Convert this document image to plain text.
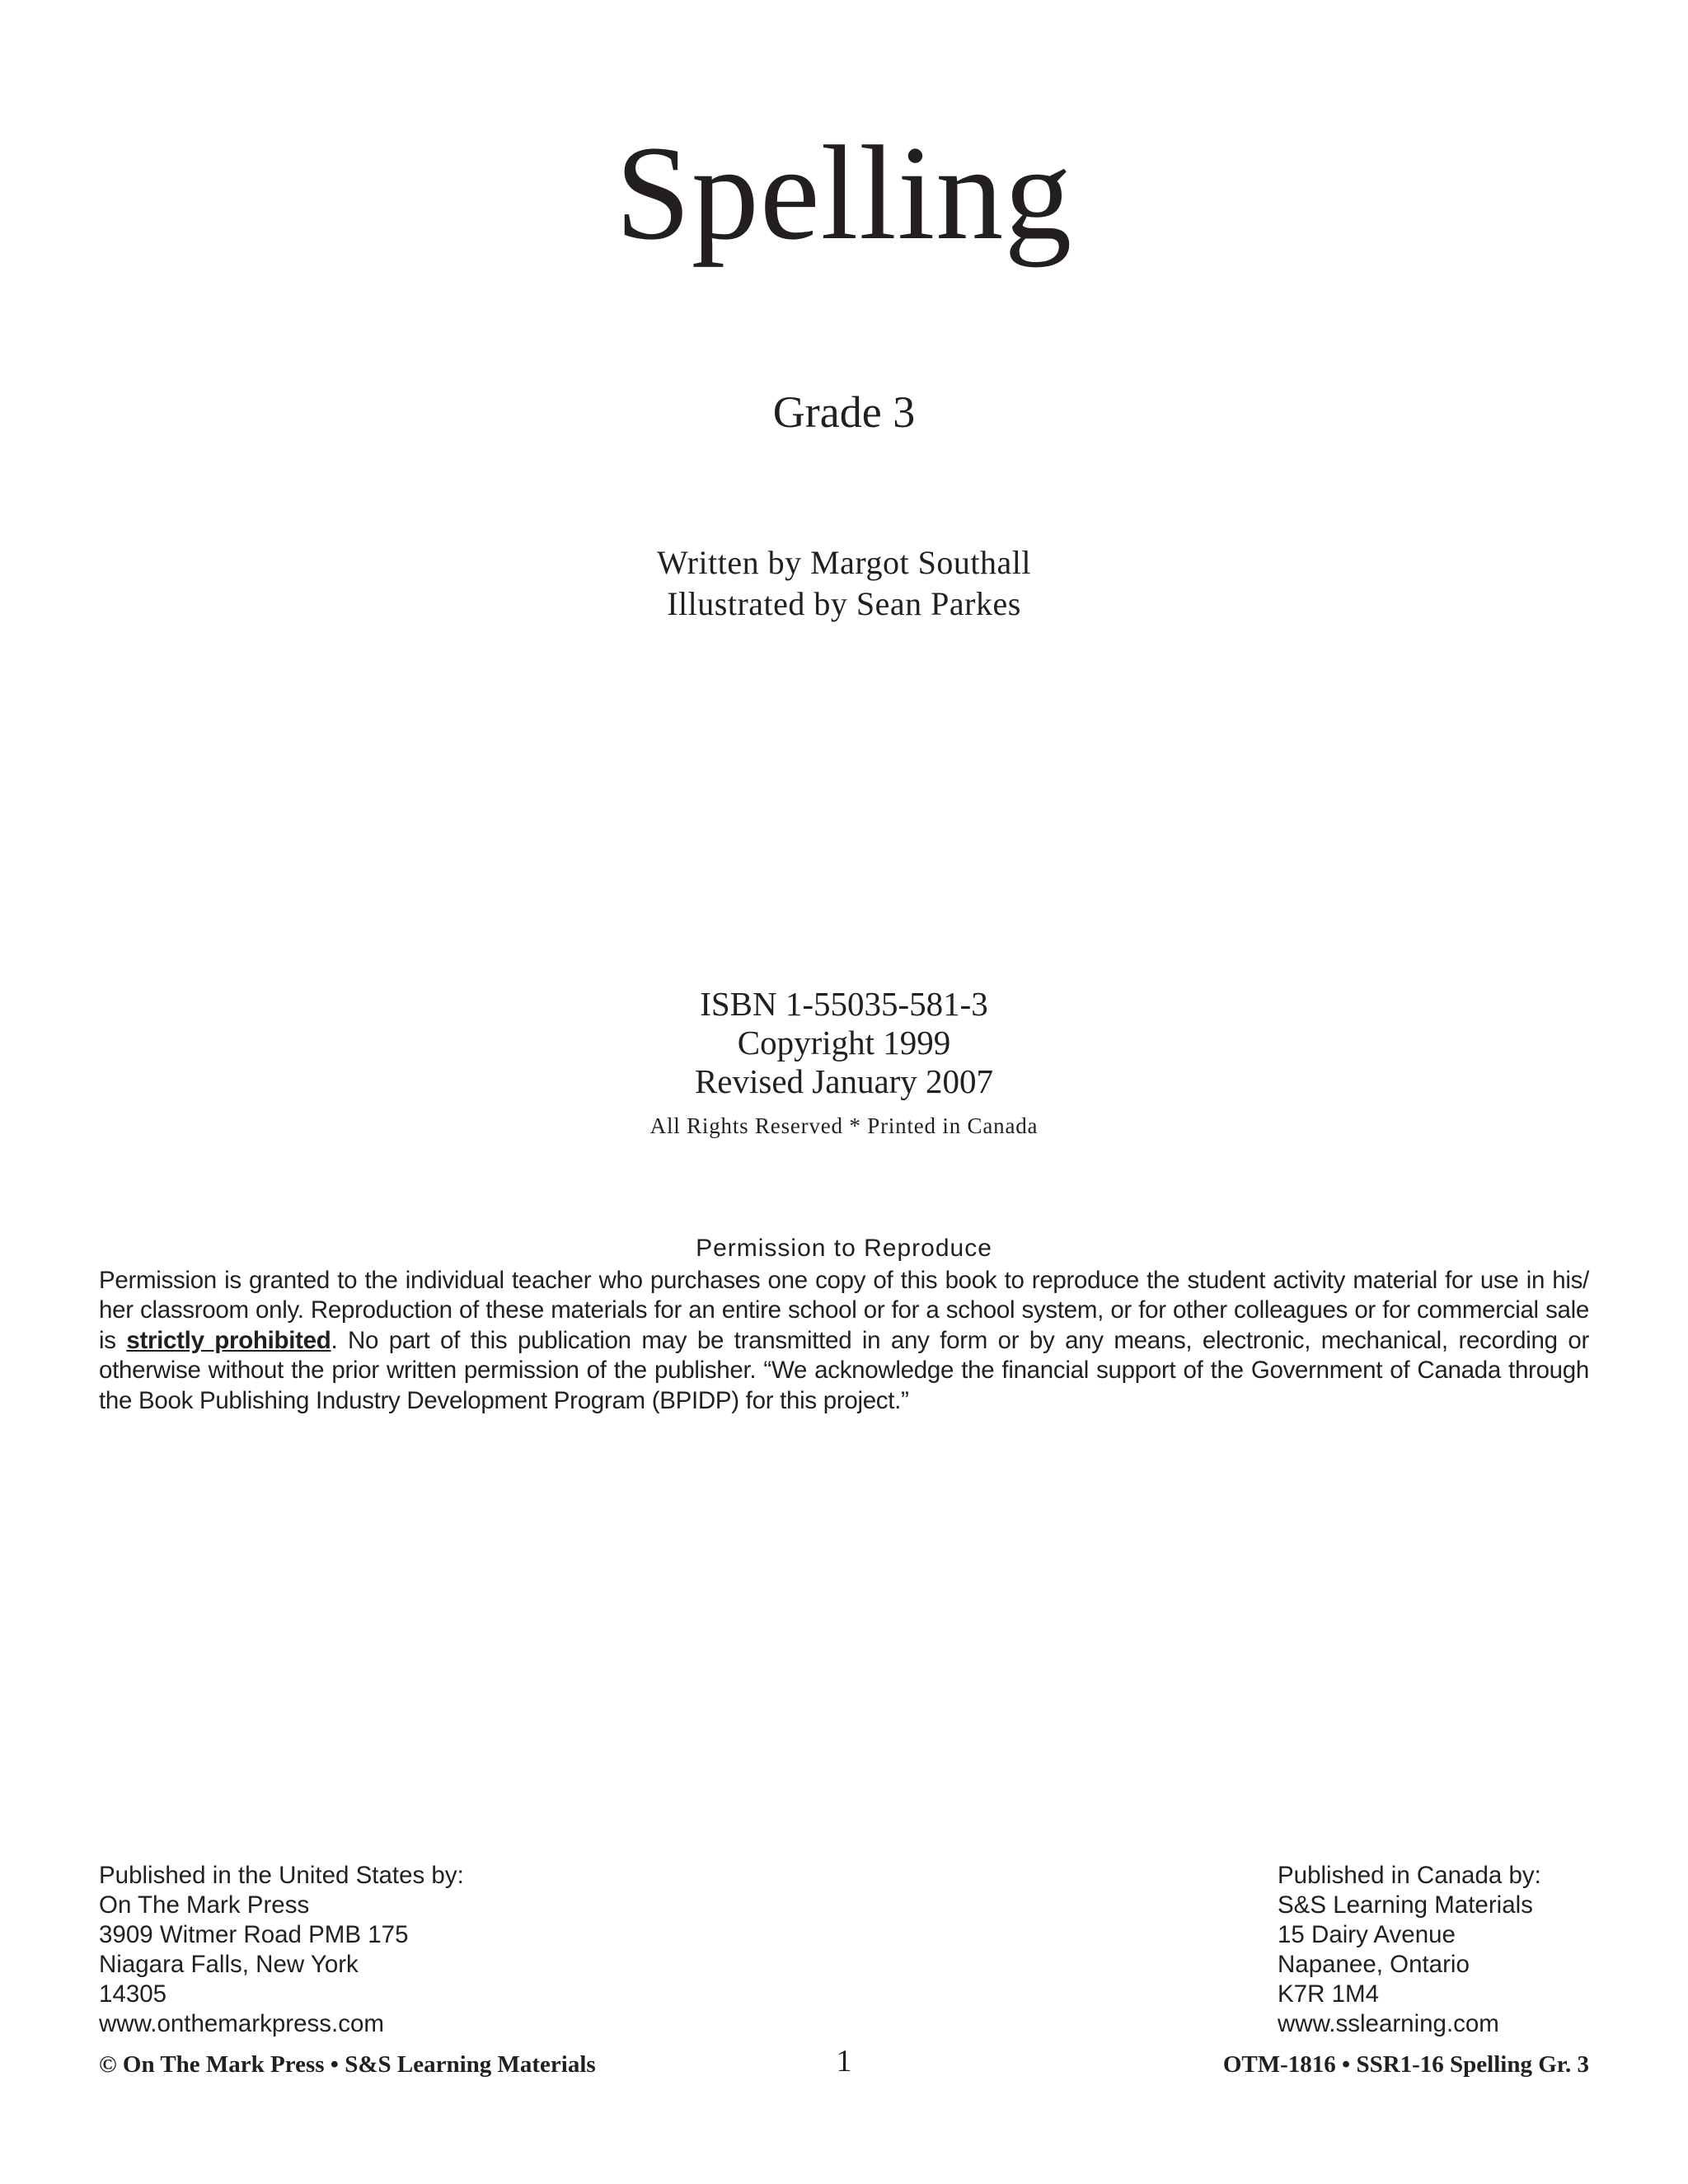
Spelling
Grade 3
Written by Margot Southall
Illustrated by Sean Parkes
ISBN 1-55035-581-3
Copyright 1999
Revised January 2007
All Rights Reserved * Printed in Canada
Permission to Reproduce
Permission is granted to the individual teacher who purchases one copy of this book to reproduce the student activity material for use in his/ her classroom only. Reproduction of these materials for an entire school or for a school system, or for other colleagues or for commercial sale is strictly prohibited. No part of this publication may be transmitted in any form or by any means, electronic, mechanical, recording or otherwise without the prior written permission of the publisher. “We acknowledge the financial support of the Government of Canada through the Book Publishing Industry Development Program (BPIDP) for this project.”
Published in the United States by:
On The Mark Press
3909 Witmer Road PMB 175
Niagara Falls, New York
14305
www.onthemarkpress.com
Published in Canada by:
S&S Learning Materials
15 Dairy Avenue
Napanee, Ontario
K7R 1M4
www.sslearning.com
© On The Mark Press • S&S Learning Materials	1	OTM-1816 • SSR1-16 Spelling Gr. 3
